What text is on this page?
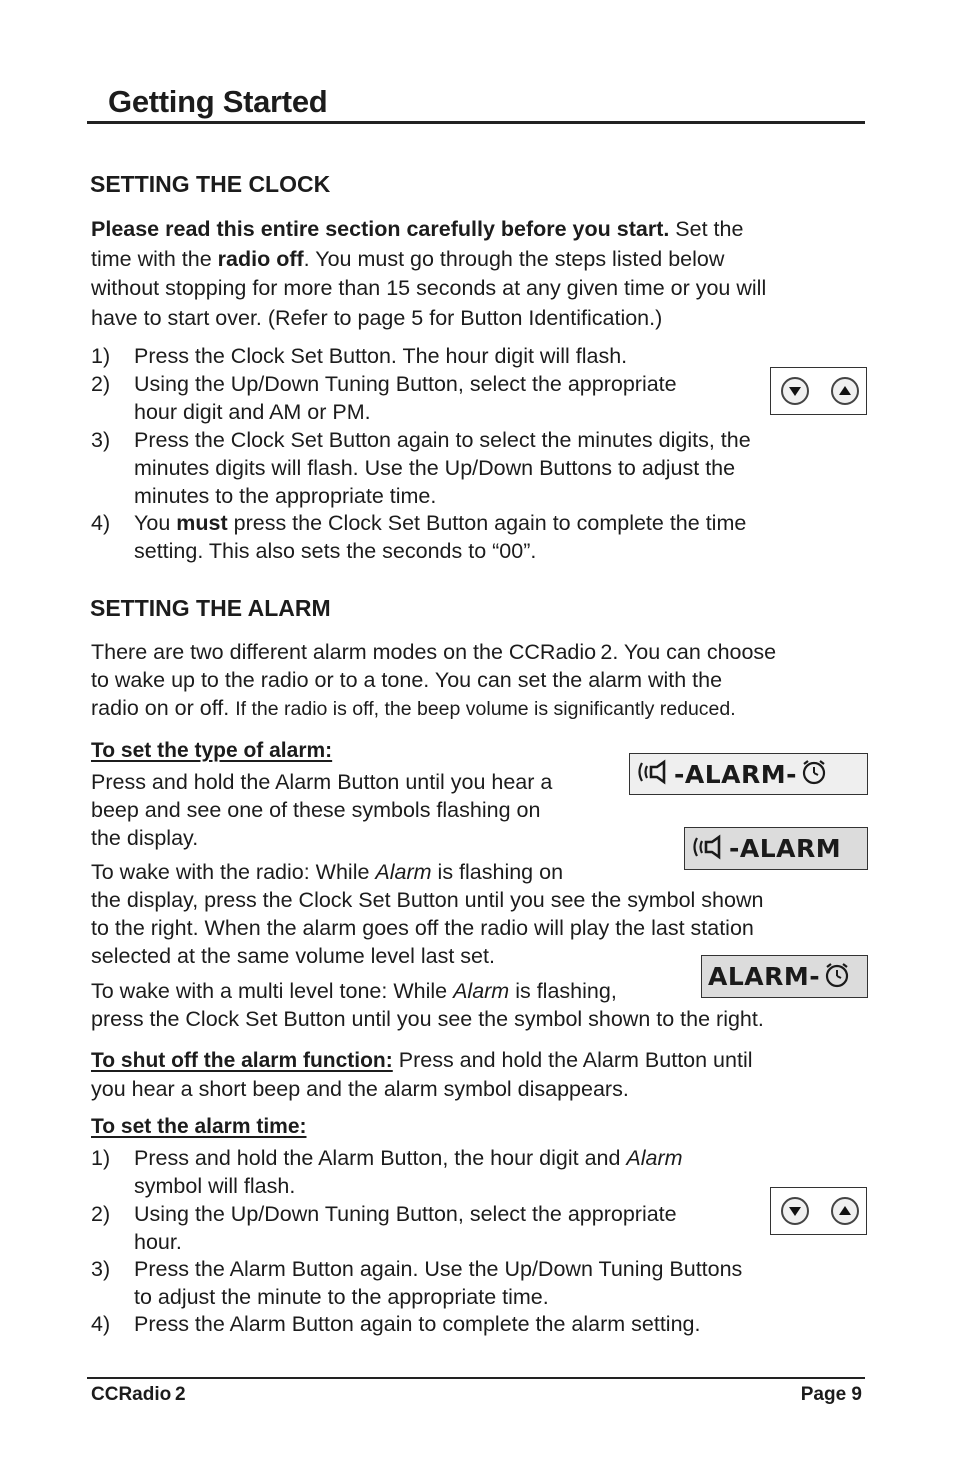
Getting Started
SETTING THE CLOCK
Please read this entire section carefully before you start. Set the
time with the radio off. You must go through the steps listed below
without stopping for more than 15 seconds at any given time or you will
have to start over. (Refer to page 5 for Button Identification.)
1) Press the Clock Set Button. The hour digit will flash.
2) Using the Up/Down Tuning Button, select the appropriate
hour digit and AM or PM.
3) Press the Clock Set Button again to select the minutes digits, the
minutes digits will flash. Use the Up/Down Buttons to adjust the
minutes to the appropriate time.
4) You must press the Clock Set Button again to complete the time
setting. This also sets the seconds to “00”.
SETTING THE ALARM
There are two different alarm modes on the CCRadio 2. You can choose
to wake up to the radio or to a tone. You can set the alarm with the
radio on or off. If the radio is off, the beep volume is significantly reduced.
To set the type of alarm:
Press and hold the Alarm Button until you hear a
beep and see one of these symbols flashing on
the display.
To wake with the radio: While Alarm is flashing on
the display, press the Clock Set Button until you see the symbol shown
to the right. When the alarm goes off the radio will play the last station
selected at the same volume level last set.
To wake with a multi level tone: While Alarm is flashing,
press the Clock Set Button until you see the symbol shown to the right.
-ALARM-
-ALARM
ALARM-
To shut off the alarm function: Press and hold the Alarm Button until
you hear a short beep and the alarm symbol disappears.
To set the alarm time:
1) Press and hold the Alarm Button, the hour digit and Alarm
symbol will flash.
2) Using the Up/Down Tuning Button, select the appropriate
hour.
3) Press the Alarm Button again. Use the Up/Down Tuning Buttons
to adjust the minute to the appropriate time.
4) Press the Alarm Button again to complete the alarm setting.
CCRadio 2	Page 9
